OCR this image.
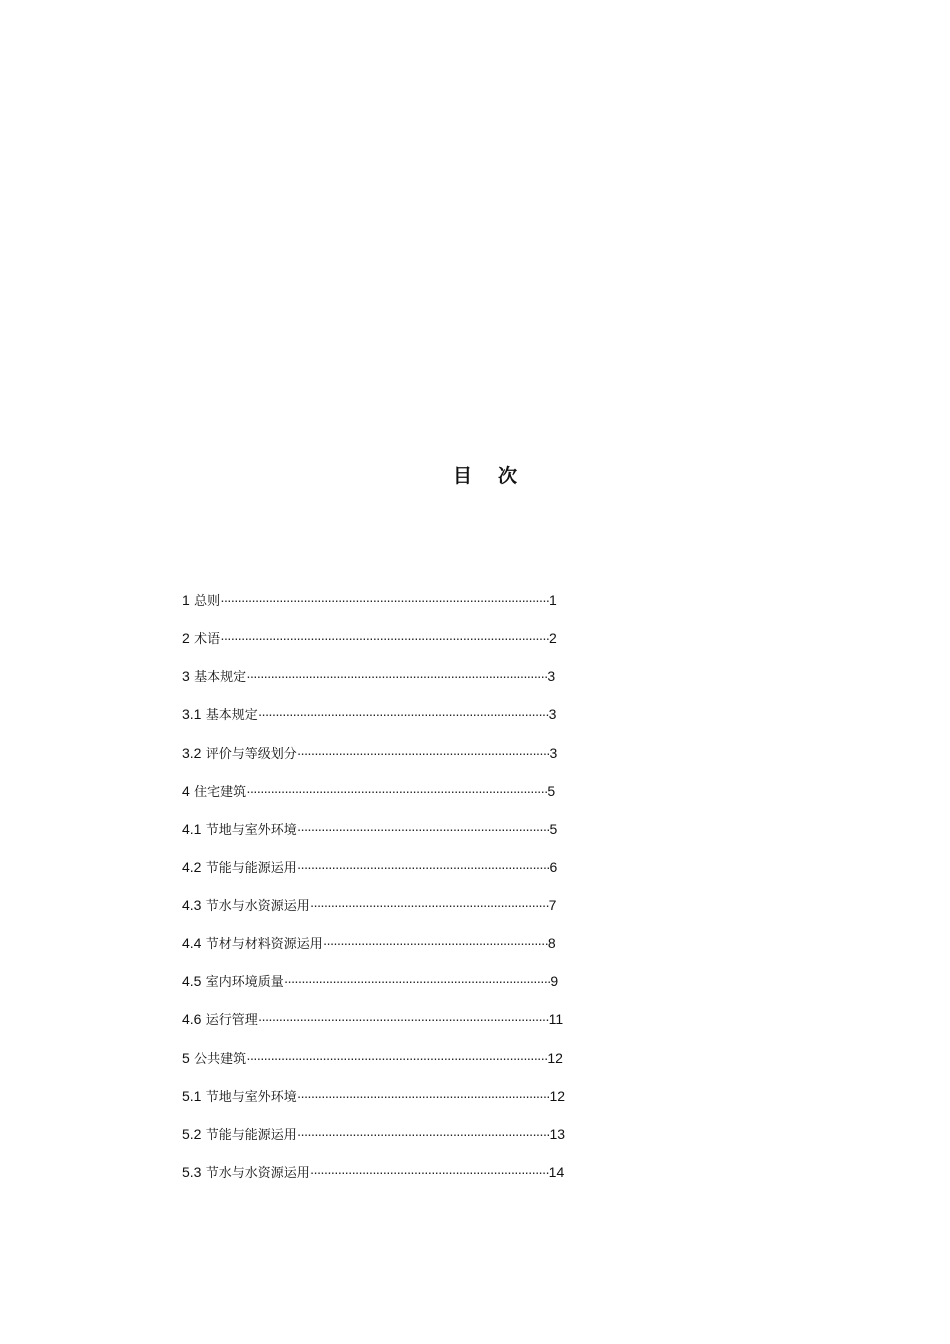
目 次
1 总则·······························································································1
2 术语·······························································································2
3 基本规定·······················································································3
3.1 基本规定····················································································3
3.2 评价与等级划分·········································································3
4 住宅建筑·······················································································5
4.1 节地与室外环境·········································································5
4.2 节能与能源运用·········································································6
4.3 节水与水资源运用·····································································7
4.4 节材与材料资源运用·································································8
4.5 室内环境质量·············································································9
4.6 运行管理····················································································11
5 公共建筑·······················································································12
5.1 节地与室外环境·········································································12
5.2 节能与能源运用·········································································13
5.3 节水与水资源运用·····································································14
